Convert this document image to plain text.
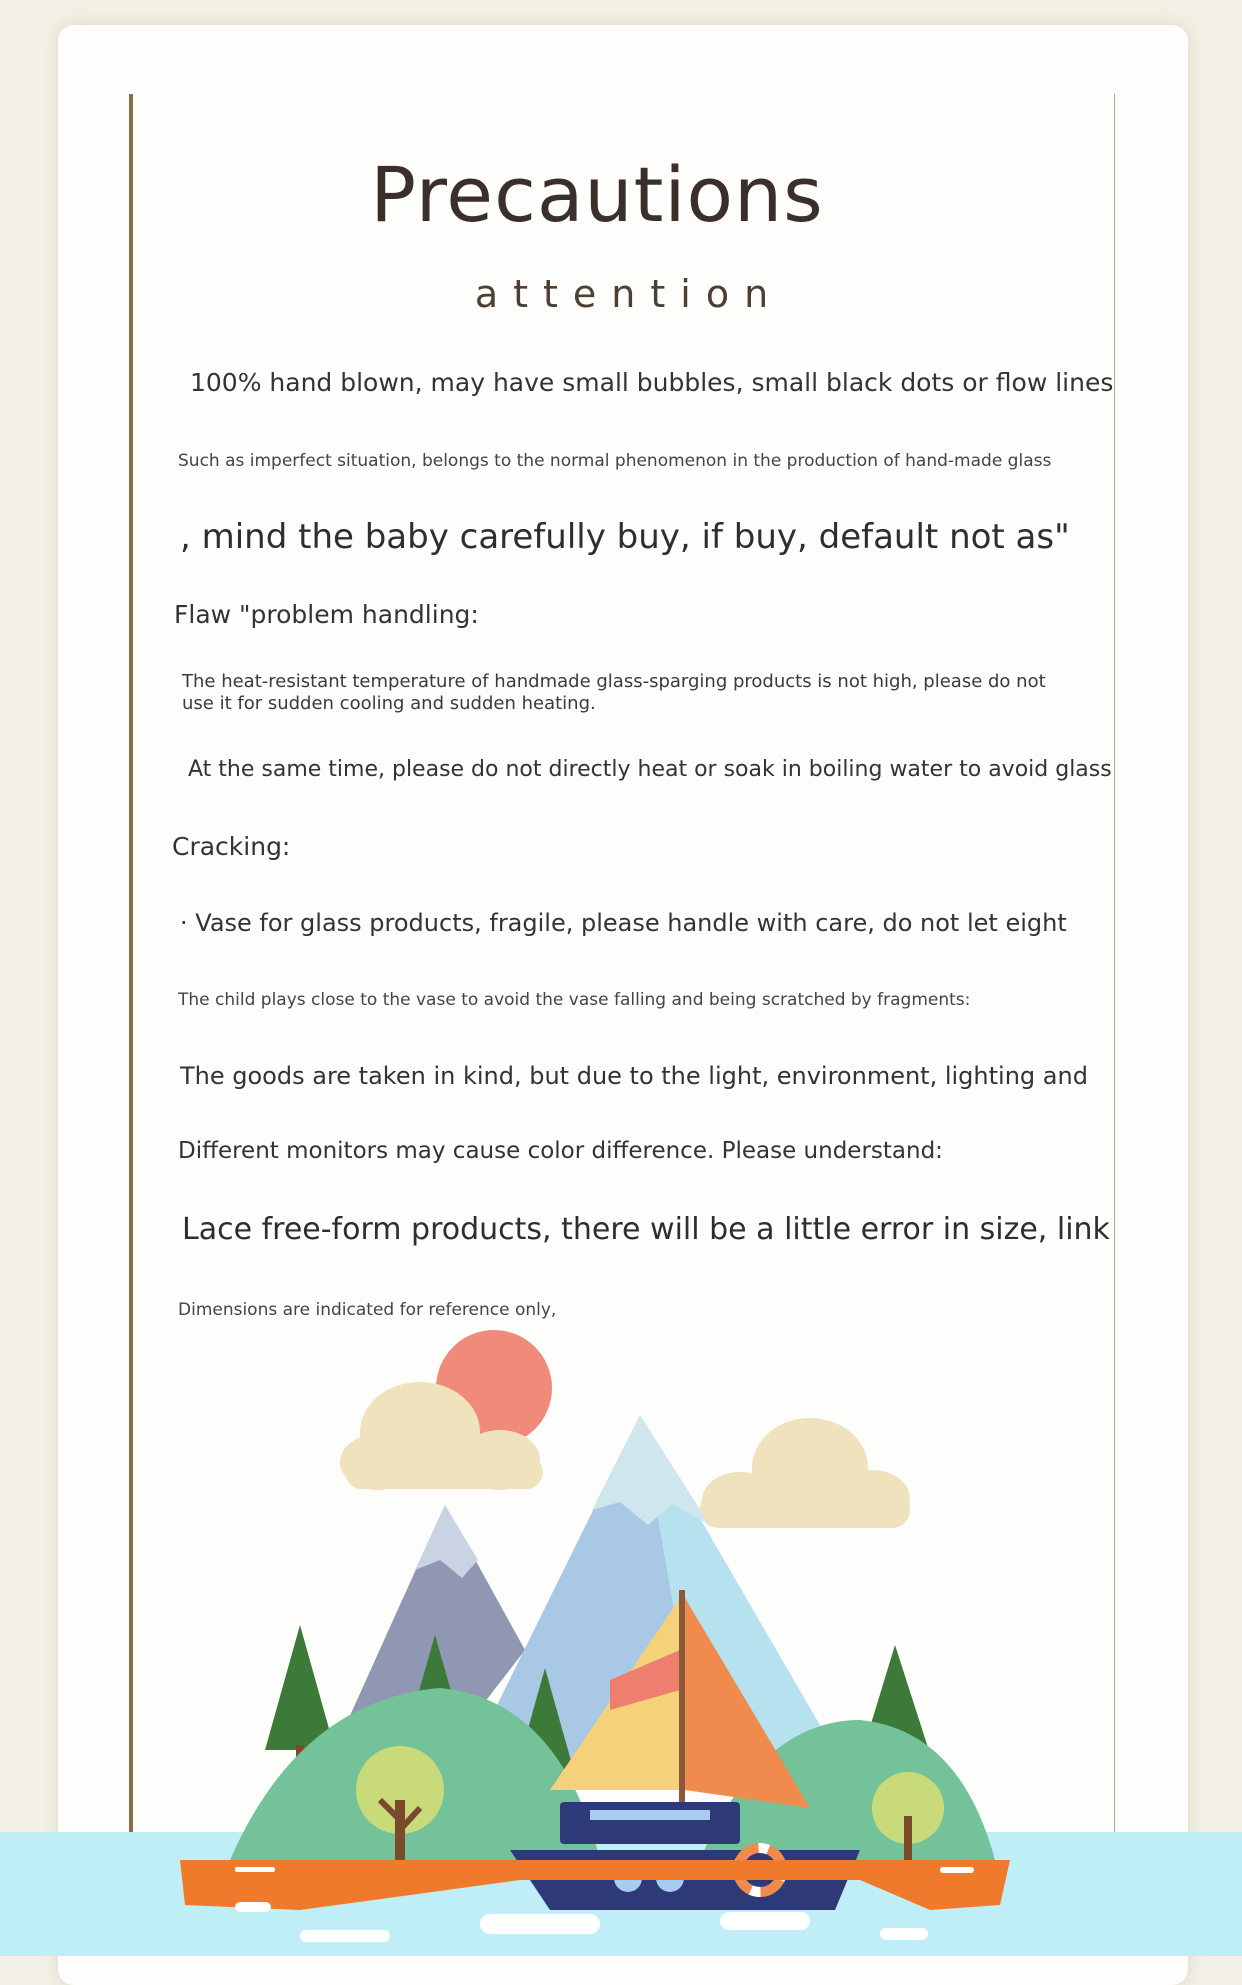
Precautions
attention
100% hand blown, may have small bubbles, small black dots or flow lines
Such as imperfect situation, belongs to the normal phenomenon in the production of hand-made glass
, mind the baby carefully buy, if buy, default not as"
Flaw "problem handling:
The heat-resistant temperature of handmade glass-sparging products is not high, please do not use it for sudden cooling and sudden heating.
At the same time, please do not directly heat or soak in boiling water to avoid glass
Cracking:
· Vase for glass products, fragile, please handle with care, do not let eight
The child plays close to the vase to avoid the vase falling and being scratched by fragments:
The goods are taken in kind, but due to the light, environment, lighting and
Different monitors may cause color difference. Please understand:
Lace free-form products, there will be a little error in size, link
Dimensions are indicated for reference only,
